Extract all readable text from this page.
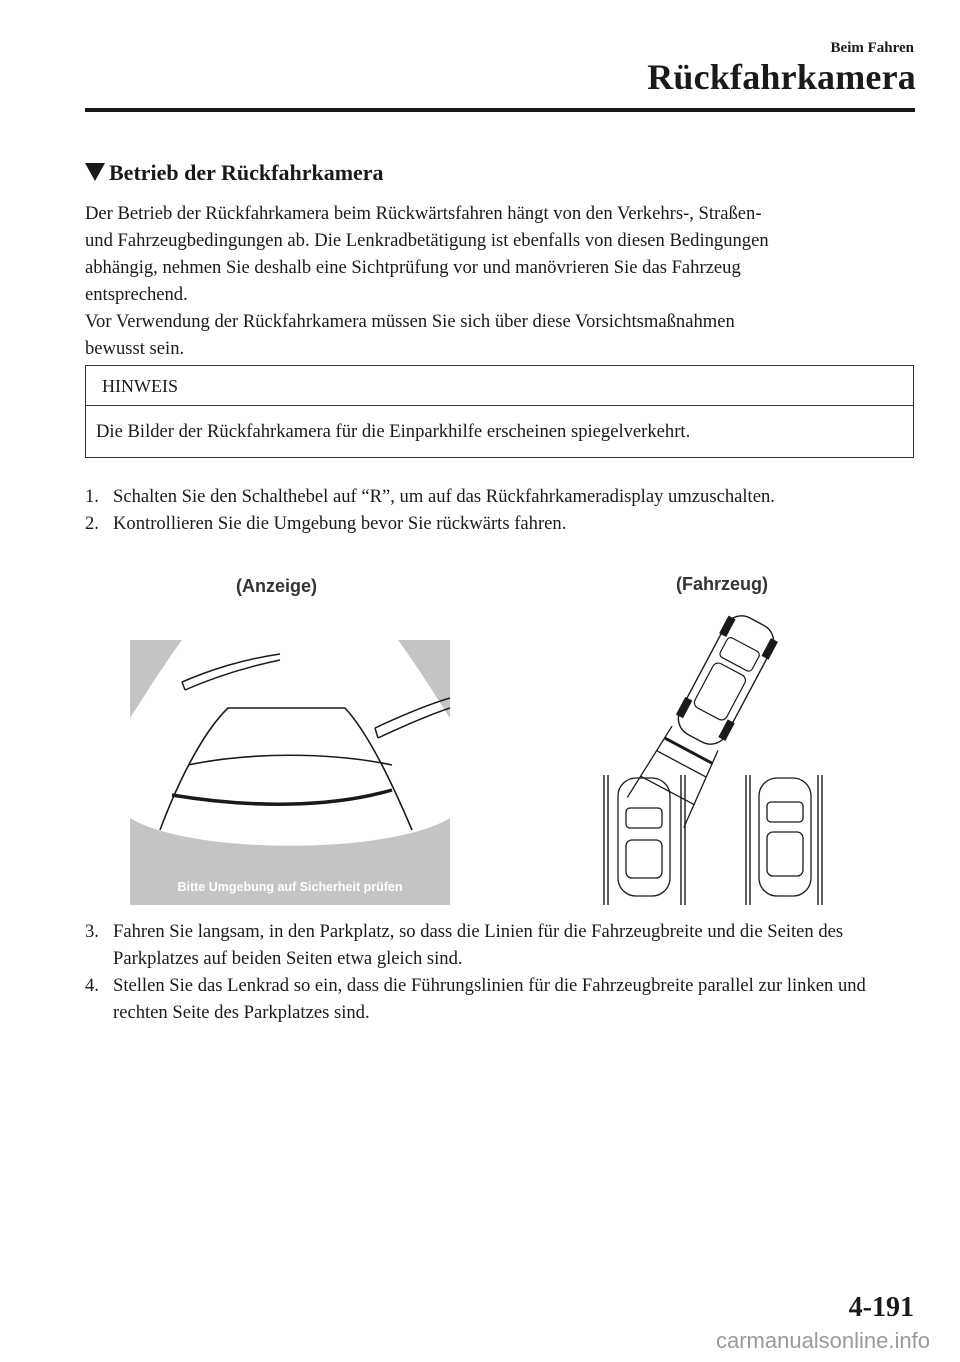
Beim Fahren
Rückfahrkamera
Betrieb der Rückfahrkamera

Der Betrieb der Rückfahrkamera beim Rückwärtsfahren hängt von den Verkehrs-, Straßen-

und Fahrzeugbedingungen ab. Die Lenkradbetätigung ist ebenfalls von diesen Bedingungen

abhängig, nehmen Sie deshalb eine Sichtprüfung vor und manövrieren Sie das Fahrzeug

entsprechend.

Vor Verwendung der Rückfahrkamera müssen Sie sich über diese Vorsichtsmaßnahmen

bewusst sein.

HINWEIS
Die Bilder der Rückfahrkamera für die Einparkhilfe erscheinen spiegelverkehrt.
1. Schalten Sie den Schalthebel auf “R”, um auf das Rückfahrkameradisplay umzuschalten.
2. Kontrollieren Sie die Umgebung bevor Sie rückwärts fahren.
(Anzeige)	(Fahrzeug)
Bitte Umgebung auf Sicherheit prüfen
3. Fahren Sie langsam, in den Parkplatz, so dass die Linien für die Fahrzeugbreite und die Seiten des Parkplatzes auf beiden Seiten etwa gleich sind.
4. Stellen Sie das Lenkrad so ein, dass die Führungslinien für die Fahrzeugbreite parallel zur linken und rechten Seite des Parkplatzes sind.
4-191
carmanualsonline.info
